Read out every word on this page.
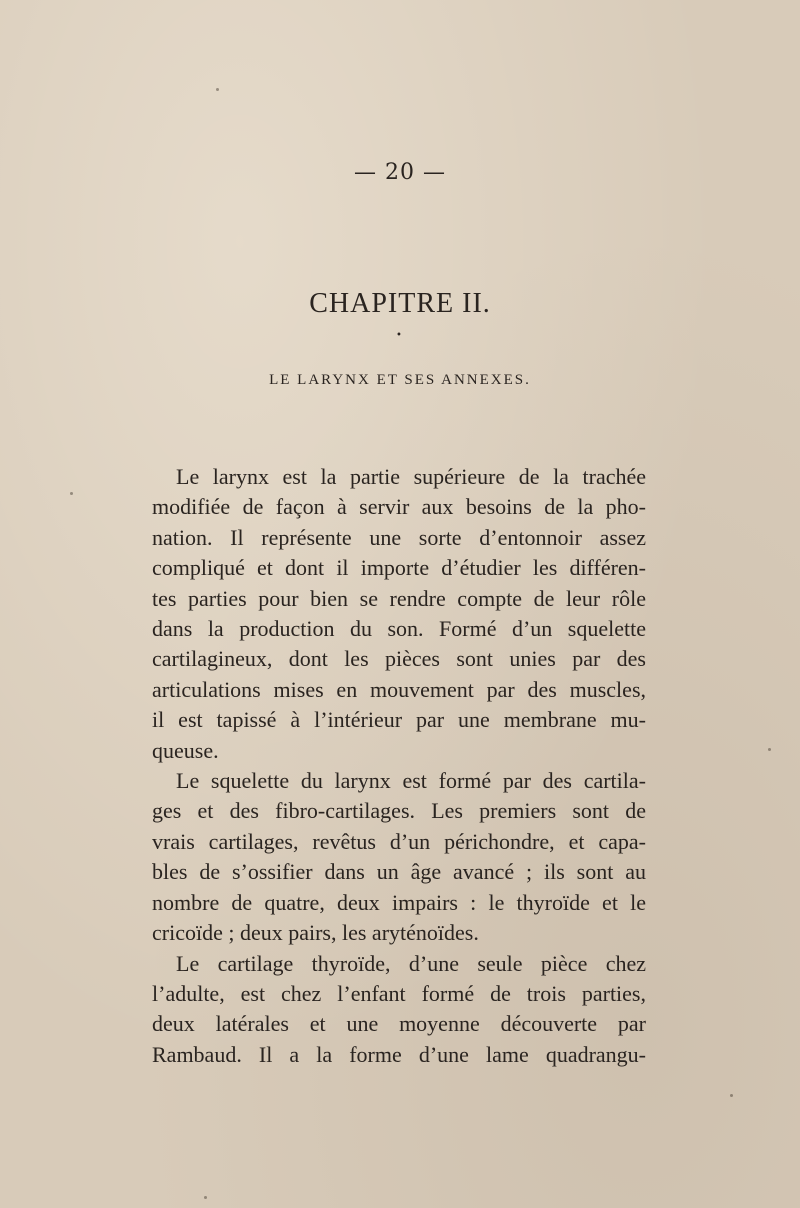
— 20 —
CHAPITRE II.
•
LE LARYNX ET SES ANNEXES.
Le larynx est la partie supérieure de la trachée
modifiée de façon à servir aux besoins de la pho-
nation. Il représente une sorte d’entonnoir assez
compliqué et dont il importe d’étudier les différen-
tes parties pour bien se rendre compte de leur rôle
dans la production du son. Formé d’un squelette
cartilagineux, dont les pièces sont unies par des
articulations mises en mouvement par des muscles,
il est tapissé à l’intérieur par une membrane mu-
queuse.
Le squelette du larynx est formé par des cartila-
ges et des fibro-cartilages. Les premiers sont de
vrais cartilages, revêtus d’un périchondre, et capa-
bles de s’ossifier dans un âge avancé ; ils sont au
nombre de quatre, deux impairs : le thyroïde et le
cricoïde ; deux pairs, les aryténoïdes.
Le cartilage thyroïde, d’une seule pièce chez
l’adulte, est chez l’enfant formé de trois parties,
deux latérales et une moyenne découverte par
Rambaud. Il a la forme d’une lame quadrangu-
